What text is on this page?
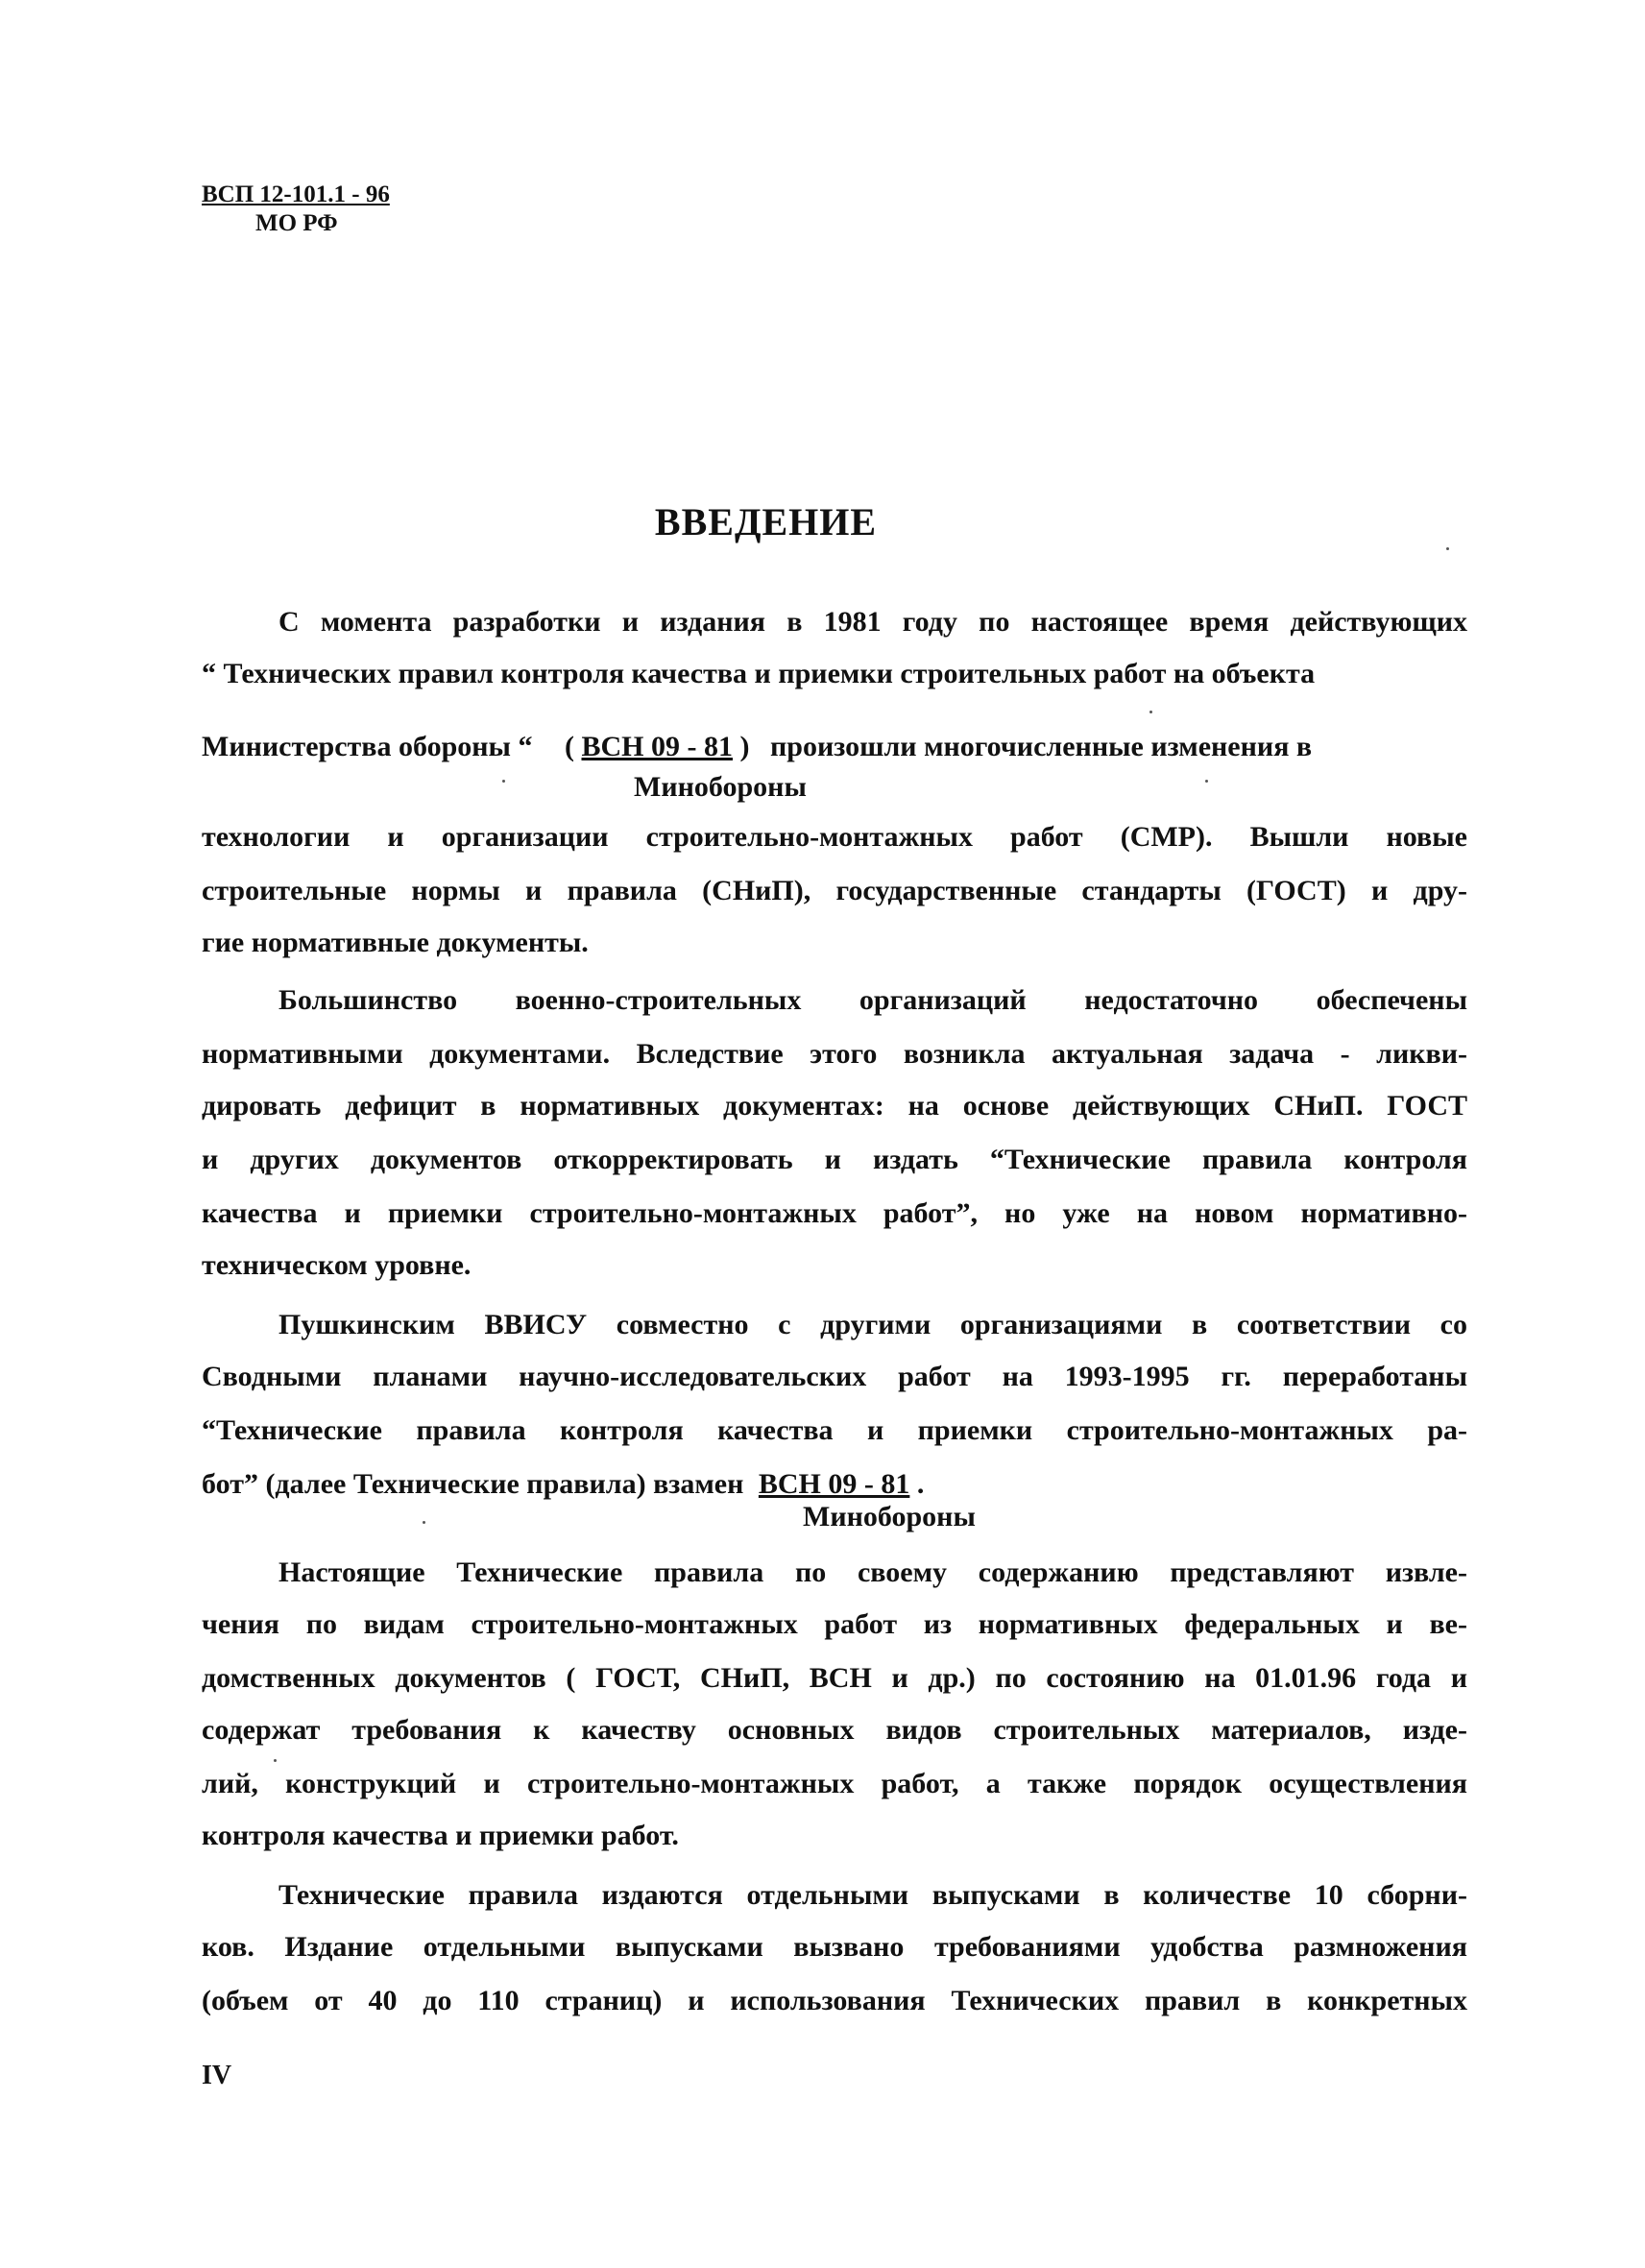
ВСП 12-101.1 - 96
МО РФ
ВВЕДЕНИЕ
С момента разработки и издания в 1981 году по настоящее время действующих
“ Технических правил контроля качества и приемки строительных работ на объекта
Министерства обороны “ ( ВСН 09 - 81 ) произошли многочисленные изменения в
Минобороны
технологии и организации строительно-монтажных работ (СМР). Вышли новые
строительные нормы и правила (СНиП), государственные стандарты (ГОСТ) и дру-
гие нормативные документы.
Большинство военно-строительных организаций недостаточно обеспечены
нормативными документами. Вследствие этого возникла актуальная задача - ликви-
дировать дефицит в нормативных документах: на основе действующих СНиП. ГОСТ
и других документов откорректировать и издать “Технические правила контроля
качества и приемки строительно-монтажных работ”, но уже на новом нормативно-
техническом уровне.
Пушкинским ВВИСУ совместно с другими организациями в соответствии со
Сводными планами научно-исследовательских работ на 1993-1995 гг. переработаны
“Технические правила контроля качества и приемки строительно-монтажных ра-
бот” (далее Технические правила) взамен ВСН 09 - 81 .
Минобороны
Настоящие Технические правила по своему содержанию представляют извле-
чения по видам строительно-монтажных работ из нормативных федеральных и ве-
домственных документов ( ГОСТ, СНиП, ВСН и др.) по состоянию на 01.01.96 года и
содержат требования к качеству основных видов строительных материалов, изде-
лий, конструкций и строительно-монтажных работ, а также порядок осуществления
контроля качества и приемки работ.
Технические правила издаются отдельными выпусками в количестве 10 сборни-
ков. Издание отдельными выпусками вызвано требованиями удобства размножения
(объем от 40 до 110 страниц) и использования Технических правил в конкретных
IV
